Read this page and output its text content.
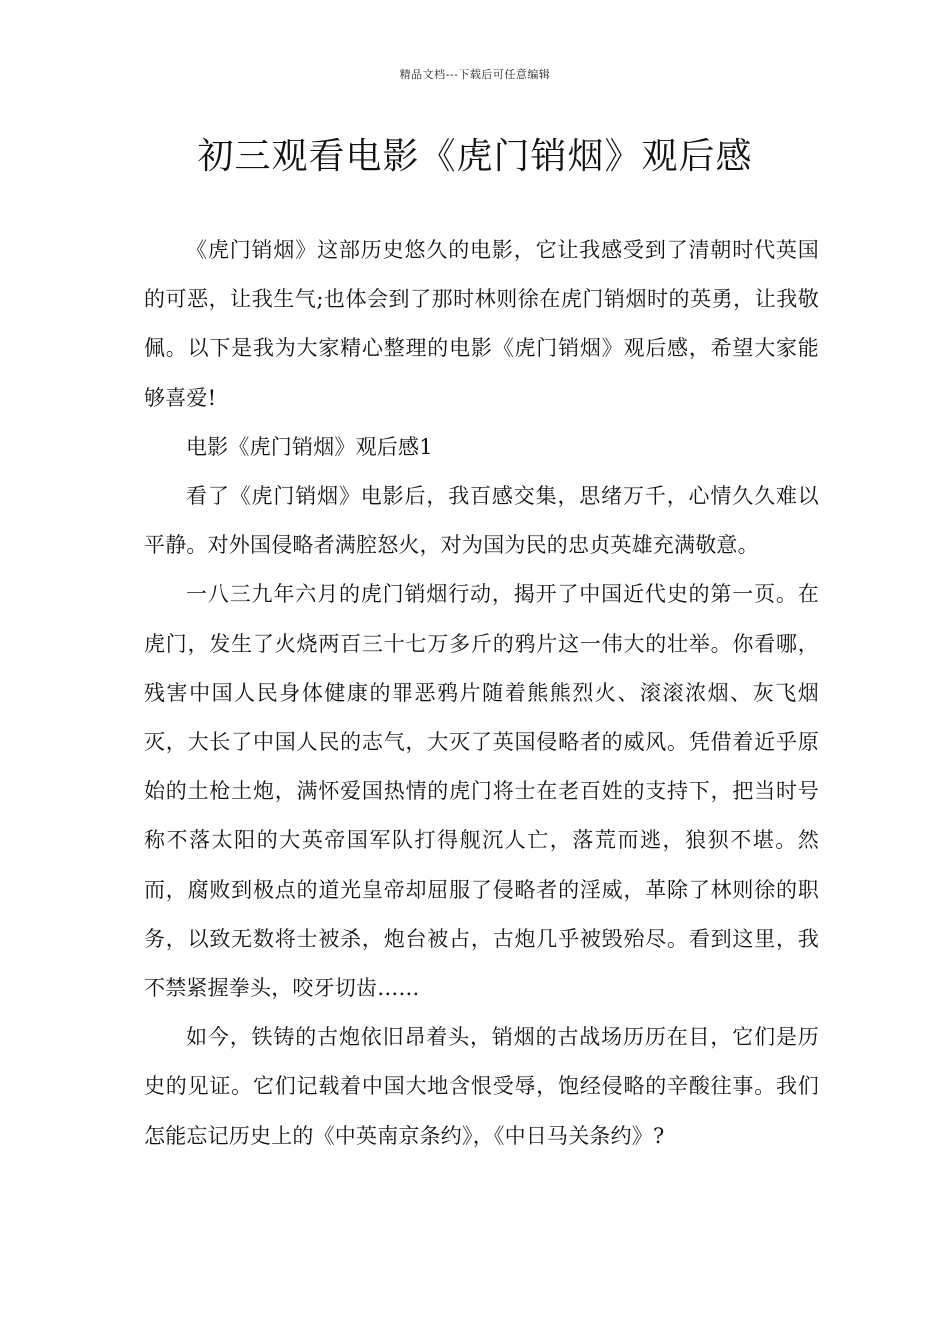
精品文档---下载后可任意编辑
初三观看电影《虎门销烟》观后感

《虎门销烟》这部历史悠久的电影，它让我感受到了清朝时代英国的可恶，让我生气;也体会到了那时林则徐在虎门销烟时的英勇，让我敬佩。以下是我为大家精心整理的电影《虎门销烟》观后感，希望大家能够喜爱!

电影《虎门销烟》观后感1

看了《虎门销烟》电影后，我百感交集，思绪万千，心情久久难以平静。对外国侵略者满腔怒火，对为国为民的忠贞英雄充满敬意。

一八三九年六月的虎门销烟行动，揭开了中国近代史的第一页。在虎门，发生了火烧两百三十七万多斤的鸦片这一伟大的壮举。你看哪，残害中国人民身体健康的罪恶鸦片随着熊熊烈火、滚滚浓烟、灰飞烟灭，大长了中国人民的志气，大灭了英国侵略者的威风。凭借着近乎原始的土枪土炮，满怀爱国热情的虎门将士在老百姓的支持下，把当时号称不落太阳的大英帝国军队打得舰沉人亡，落荒而逃，狼狈不堪。然而，腐败到极点的道光皇帝却屈服了侵略者的淫威，革除了林则徐的职务，以致无数将士被杀，炮台被占，古炮几乎被毁殆尽。看到这里，我不禁紧握拳头，咬牙切齿……

如今，铁铸的古炮依旧昂着头，销烟的古战场历历在目，它们是历史的见证。它们记载着中国大地含恨受辱，饱经侵略的辛酸往事。我们怎能忘记历史上的《中英南京条约》，《中日马关条约》?
